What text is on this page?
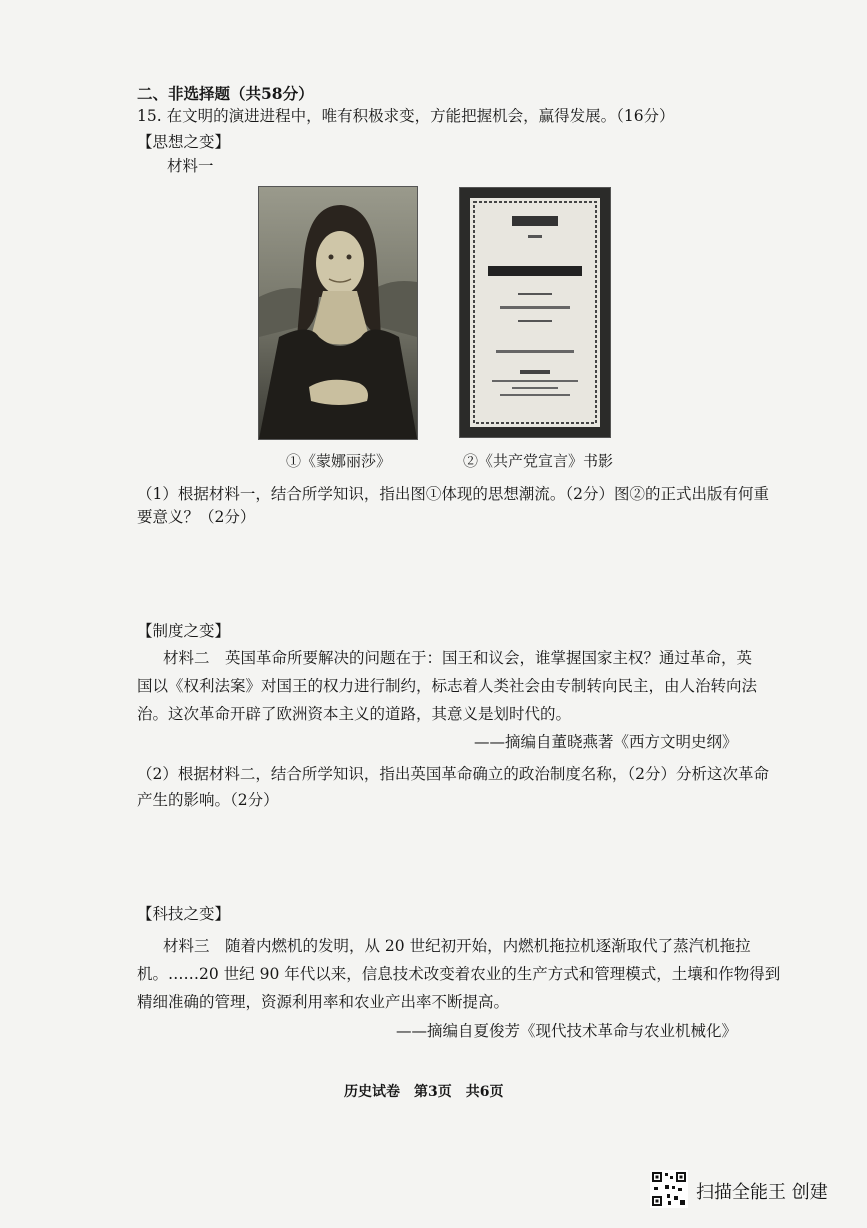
二、非选择题（共58分）
15. 在文明的演进进程中，唯有积极求变，方能把握机会，赢得发展。（16分）
【思想之变】
材料一
①《蒙娜丽莎》	②《共产党宣言》书影
（1）根据材料一，结合所学知识，指出图①体现的思想潮流。（2分）图②的正式出版有何重
要意义？（2分）
【制度之变】
材料二　英国革命所要解决的问题在于：国王和议会，谁掌握国家主权？通过革命，英
国以《权利法案》对国王的权力进行制约，标志着人类社会由专制转向民主，由人治转向法
治。这次革命开辟了欧洲资本主义的道路，其意义是划时代的。
——摘编自董晓燕著《西方文明史纲》
（2）根据材料二，结合所学知识，指出英国革命确立的政治制度名称，（2分）分析这次革命
产生的影响。（2分）
【科技之变】
材料三　随着内燃机的发明，从 20 世纪初开始，内燃机拖拉机逐渐取代了蒸汽机拖拉
机。……20 世纪 90 年代以来，信息技术改变着农业的生产方式和管理模式，土壤和作物得到
精细准确的管理，资源利用率和农业产出率不断提高。
——摘编自夏俊芳《现代技术革命与农业机械化》
历史试卷　第3页　共6页
扫描全能王 创建
